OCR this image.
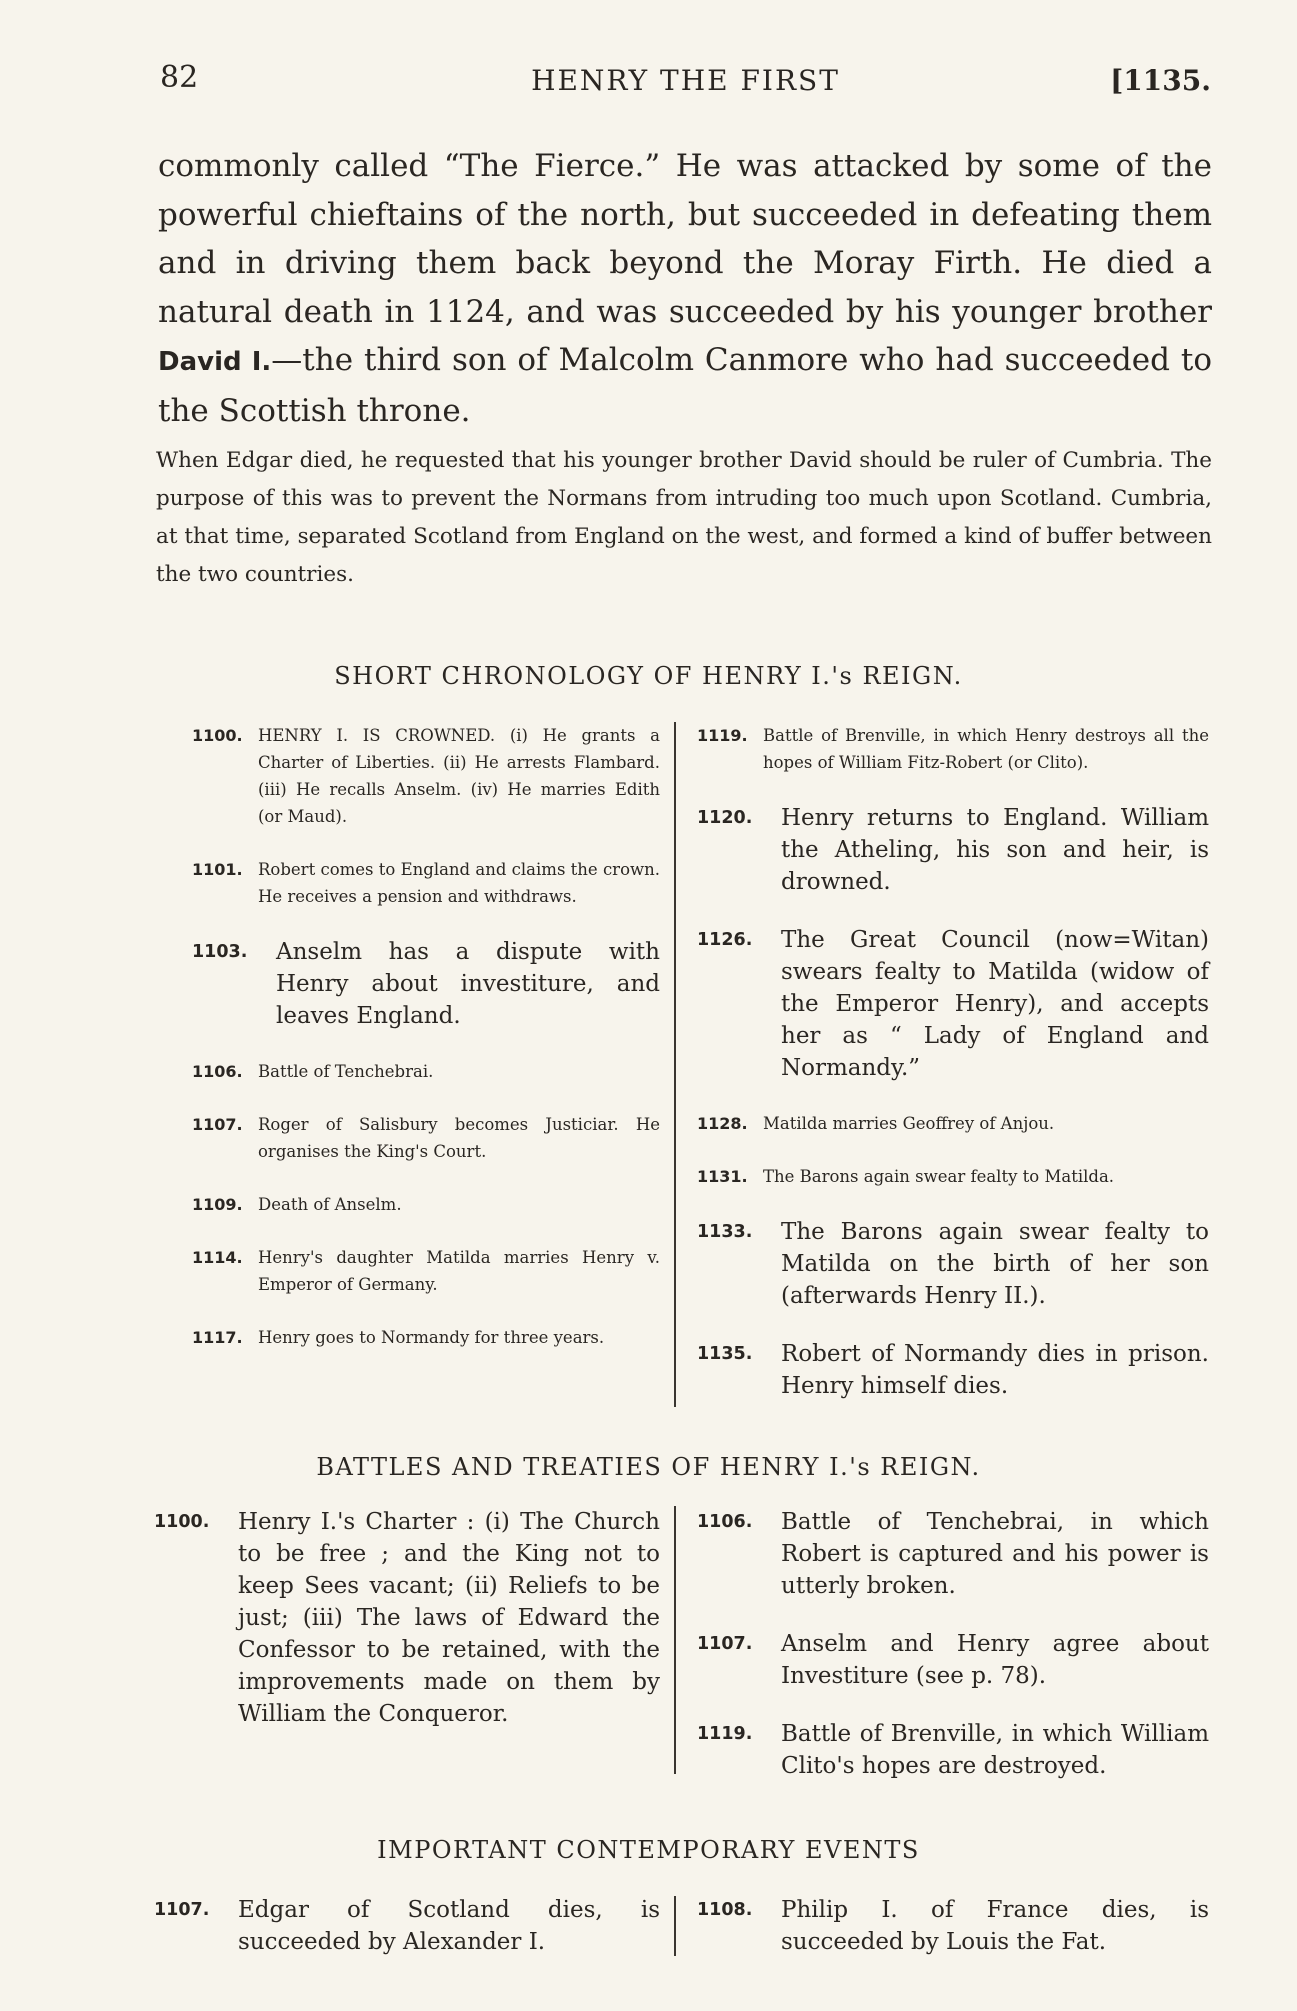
82	HENRY THE FIRST	[1135.
commonly called “The Fierce.” He was attacked by some of the powerful chieftains of the north, but succeeded in defeating them and in driving them back beyond the Moray Firth. He died a natural death in 1124, and was succeeded by his younger brother David I.—the third son of Malcolm Canmore who had succeeded to the Scottish throne.
When Edgar died, he requested that his younger brother David should be ruler of Cumbria. The purpose of this was to prevent the Normans from intruding too much upon Scotland. Cumbria, at that time, separated Scotland from England on the west, and formed a kind of buffer between the two countries.
SHORT CHRONOLOGY OF HENRY I.'s REIGN.
1100. HENRY I. IS CROWNED. (i) He grants a Charter of Liberties. (ii) He arrests Flambard. (iii) He recalls Anselm. (iv) He marries Edith (or Maud).
1101. Robert comes to England and claims the crown. He receives a pension and withdraws.
1103. Anselm has a dispute with Henry about investiture, and leaves England.
1106. Battle of Tenchebrai.
1107. Roger of Salisbury becomes Justiciar. He organises the King's Court.
1109. Death of Anselm.
1114. Henry's daughter Matilda marries Henry v. Emperor of Germany.
1117. Henry goes to Normandy for three years.
1119. Battle of Brenville, in which Henry destroys all the hopes of William Fitz-Robert (or Clito).
1120. Henry returns to England. William the Atheling, his son and heir, is drowned.
1126. The Great Council (now=Witan) swears fealty to Matilda (widow of the Emperor Henry), and accepts her as “ Lady of England and Normandy.”
1128. Matilda marries Geoffrey of Anjou.
1131. The Barons again swear fealty to Matilda.
1133. The Barons again swear fealty to Matilda on the birth of her son (afterwards Henry II.).
1135. Robert of Normandy dies in prison. Henry himself dies.
BATTLES AND TREATIES OF HENRY I.'s REIGN.
1100. Henry I.'s Charter : (i) The Church to be free ; and the King not to keep Sees vacant; (ii) Reliefs to be just; (iii) The laws of Edward the Confessor to be retained, with the improvements made on them by William the Conqueror.
1106. Battle of Tenchebrai, in which Robert is captured and his power is utterly broken.
1107. Anselm and Henry agree about Investiture (see p. 78).
1119. Battle of Brenville, in which William Clito's hopes are destroyed.
IMPORTANT CONTEMPORARY EVENTS
1107. Edgar of Scotland dies, is succeeded by Alexander I.
1108. Philip I. of France dies, is succeeded by Louis the Fat.
